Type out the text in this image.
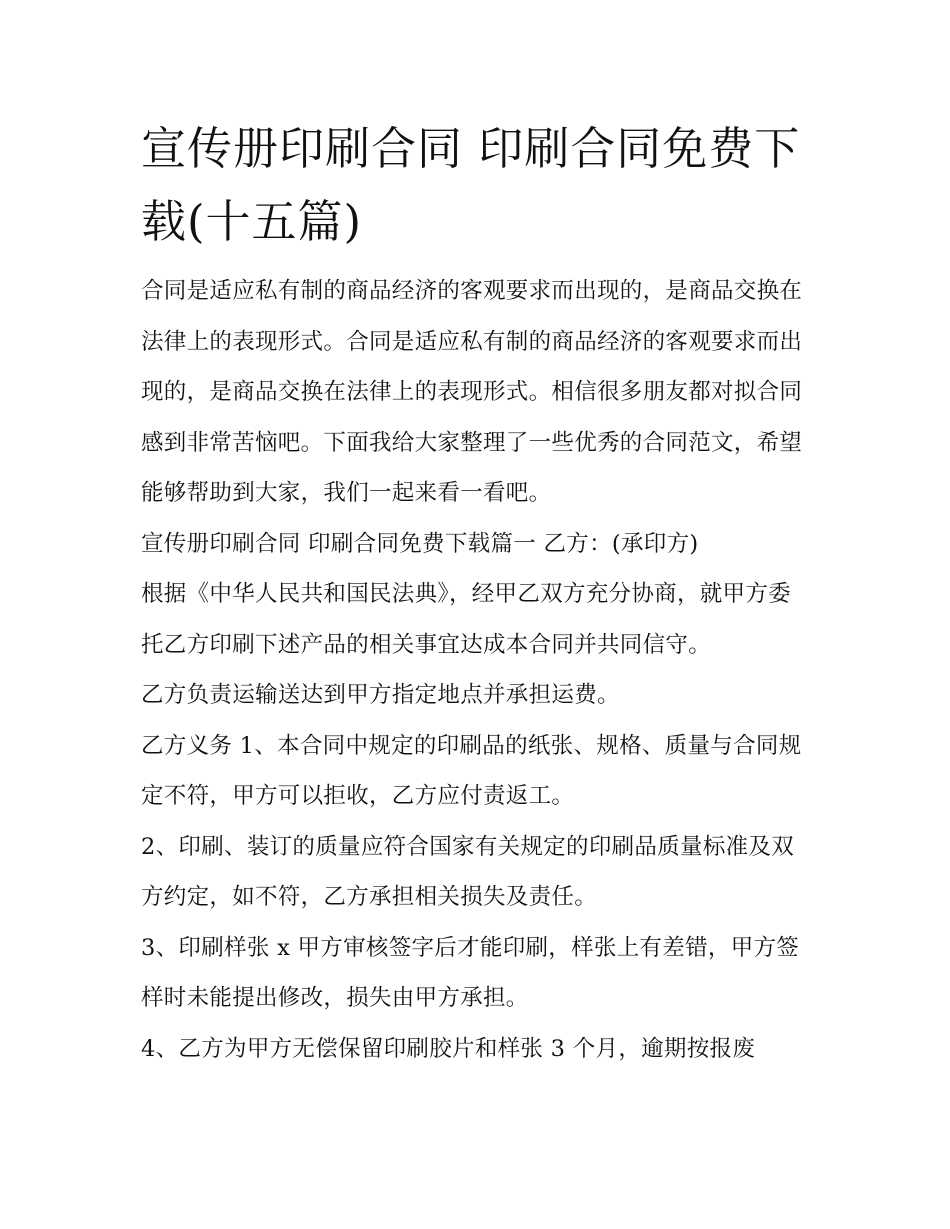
宣传册印刷合同 印刷合同免费下载(十五篇)

合同是适应私有制的商品经济的客观要求而出现的，是商品交换在法律上的表现形式。合同是适应私有制的商品经济的客观要求而出现的，是商品交换在法律上的表现形式。相信很多朋友都对拟合同感到非常苦恼吧。下面我给大家整理了一些优秀的合同范文，希望能够帮助到大家，我们一起来看一看吧。

宣传册印刷合同 印刷合同免费下载篇一 乙方：(承印方)

根据《中华人民共和国民法典》，经甲乙双方充分协商，就甲方委托乙方印刷下述产品的相关事宜达成本合同并共同信守。

乙方负责运输送达到甲方指定地点并承担运费。

乙方义务 1、本合同中规定的印刷品的纸张、规格、质量与合同规定不符，甲方可以拒收，乙方应付责返工。

2、印刷、装订的质量应符合国家有关规定的印刷品质量标准及双方约定，如不符，乙方承担相关损失及责任。

3、印刷样张 x 甲方审核签字后才能印刷，样张上有差错，甲方签样时未能提出修改，损失由甲方承担。

4、乙方为甲方无偿保留印刷胶片和样张 3 个月，逾期按报废
